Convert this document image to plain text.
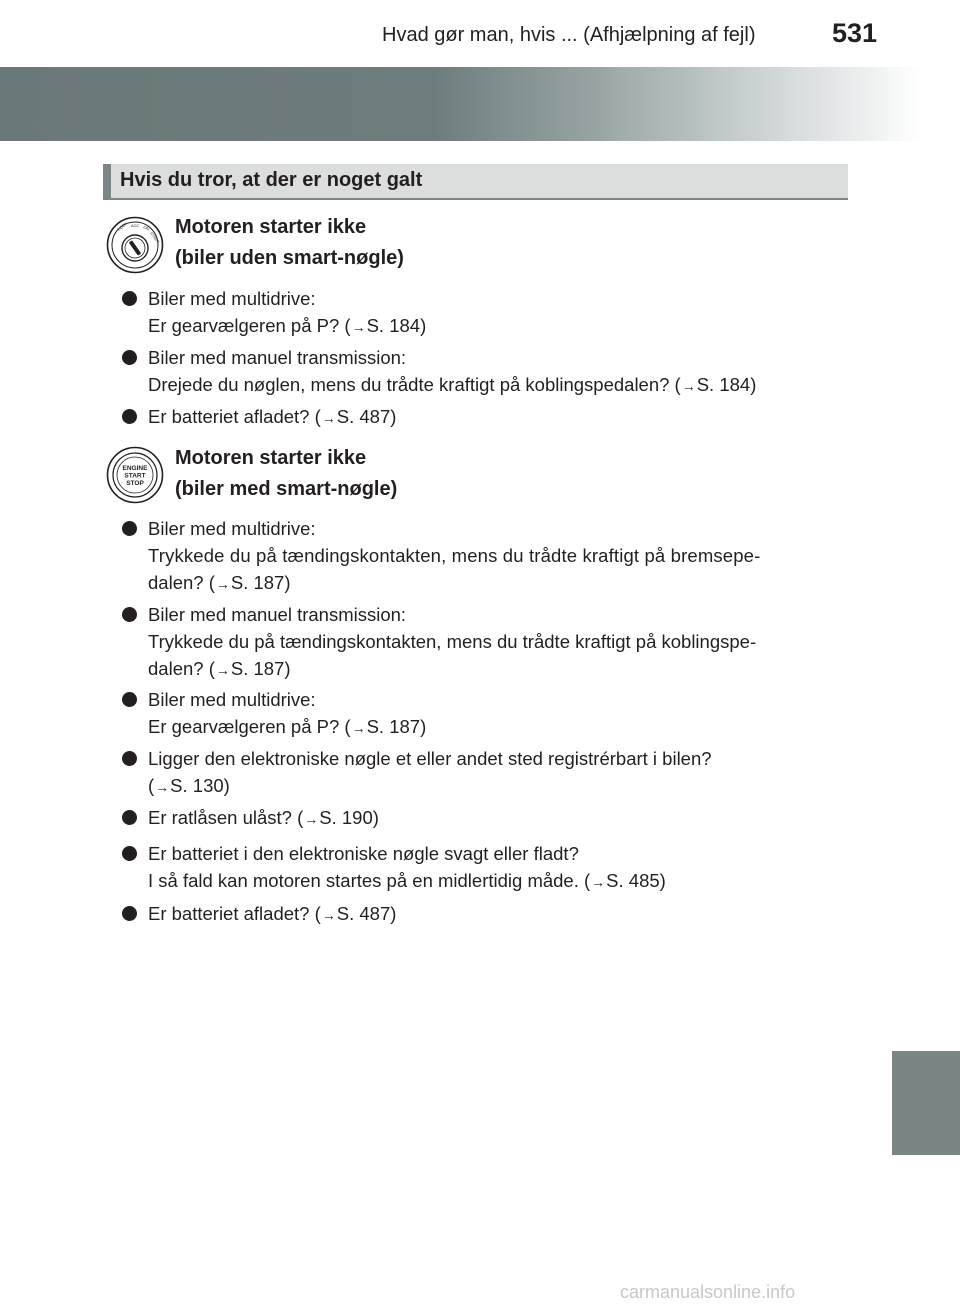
Hvad gør man, hvis ... (Afhjælpning af fejl)	531
Hvis du tror, at der er noget galt
LOCK ACC ON
START Motoren starter ikke
(biler uden smart-nøgle)
Biler med multidrive:
Er gearvælgeren på P? (→S. 184)
Biler med manuel transmission:
Drejede du nøglen, mens du trådte kraftigt på koblingspedalen? (→S. 184)
Er batteriet afladet? (→S. 487)
ENGINE
START
STOP
Motoren starter ikke
(biler med smart-nøgle)
Biler med multidrive:
Trykkede du på tændingskontakten, mens du trådte kraftigt på bremsepe-
dalen? (→S. 187)
Biler med manuel transmission:
Trykkede du på tændingskontakten, mens du trådte kraftigt på koblingspe-
dalen? (→S. 187)
Biler med multidrive:
Er gearvælgeren på P? (→S. 187)
Ligger den elektroniske nøgle et eller andet sted registrérbart i bilen?
(→S. 130)
Er ratlåsen ulåst? (→S. 190)
Er batteriet i den elektroniske nøgle svagt eller fladt?
I så fald kan motoren startes på en midlertidig måde. (→S. 485)
Er batteriet afladet? (→S. 487)
carmanualsonline.info
